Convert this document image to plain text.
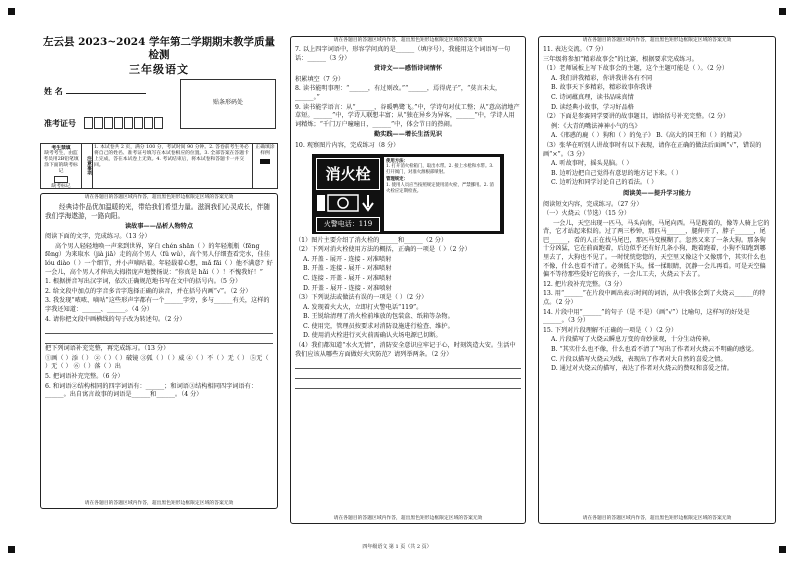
左云县 2023~2024 学年第二学期期末教学质量检测
三年级语文
姓 名
准考证号
贴条形码处
考生禁填
缺考考生，由监考员用2B铅笔填涂下面的缺考标记
缺考标记
注意事项
1. 本试卷共 2 页，满分 100 分，考试时间 90 分钟。2. 答卷前考生务必将自己的姓名、准考证号填写在本试卷相应的位置。3. 全部答案在答题卡上完成，答在本试卷上无效。4. 考试结束后，将本试卷和答题卡一并交回。
正确填涂样例
请在各题目的答题区域内作答，超出黑色矩形边框限定区域的答案无效
经典诗作品优加温暖的光，带给我们希望力量。滋润我们心灵成长，伴随我们学海遨游，一路向阳。
读故事——品析人物特点
阅读下面的文字，完成练习。（13 分）
高个男人轻轻地唤一声来到世界，穿白 chén shān（ ）的年轻瓶瓶（fēng fēng）为来取水（jià jiā）走的高个男人（fǔ wǔ），高个男人仔细查看完水，佳佳 lóu diào（ ）一个细节，并小声嘀咕着。年轻载着心想，mǎ fāi（ ）他不满意？好一会儿，高个男人才伸出大拇指庞声地赞扬说：“你真是 hǎi（ ）！不愧我好！”
1. 根据拼音写出汉字词，依次正确规范地书写在文中的括号内。（5 分）
2. 给文段中加点的字音多音字选择正确的读音，并在括号内画“√”。（2 分）
3. 我发现“哝哝、嘀咕”这些形声字都有一个______字旁，多与______有关，这样的字我还知道：______、______。（4 分）
4. 请你把文段中画横线的句子改为转述句。（2 分）
把下列词语补充完整，再完成练习。（13 分）
①画（ ）添（ ） ②（ ）（ ）破镜 ③狐（ ）（ ）威 ④（ ）不（ ）无（ ） ⑤无（ ）无（ ） ⑥（ ）落（ ）出
5. 把词语补充完整。（6 分）
6. 和词语②结构相同的四字词语有：______；和词语③结构相同四字词语有：______。出自寓言故事的词语是______和______。（4 分）
请在各题目的答题区域内作答，超出黑色矩形边框限定区域的答案无效
请在各题目的答题区域内作答，超出黑色矩形边框限定区域的答案无效
7. 以上四字词语中，形容学问真的是______（填序号），我能用这个词语写一句话：______（3 分）
赏诗文——感悟诗词情怀
积累填空（7 分）
8. 读书能明事理：“______，有过则改。”“______，焉得虎子”，“莫言未太，______。”
9. 读书能学语言：从“______，谷暖鸭鹭飞。”中，学诗句对仗工整；从“意高清地产草短。______”中，学诗人联想丰富；从“独在异乡为异客，______”中，学诗人用词精炼；“千门万户曈曈日，______”中，体会节日的热闹。
勤实践——增长生活见识
10. 观察图片内容，完成练习（8 分）
消火栓
火警电话：119
使用方法：
1. 打开消火栓箱门，取出水带。2. 接上水枪和水带。3. 打开阀门，对准火源根部喷射。
管理规定：
1. 使用人员应当按照规定使用消火栓，严禁挪用。2. 消火栓应定期检查。
（1）图片主要介绍了消火栓的______和______（2 分）
（2）下列对消火栓使用方法的概括，正确的一项是（ ）（2 分）
A. 开盖 - 展开 - 连接 - 对准喷射
B. 开盖 - 连接 - 展开 - 对准喷射
C. 连接 - 开盖 - 展开 - 对准喷射
D. 开盖 - 展开 - 连接 - 对准喷射
（3）下列说法或做法有误的一项是（ ）（2 分）
A. 发现着火大火，立即打火警电话“119”。
B. 王锐给清理了消火栓前堆放的包装盒、纸箱等杂物。
C. 使用完，管理员按要求对消防设施进行检查、维护。
D. 使用消火栓进行灭火前需确认火场电源已切断。
（4）我们都知道“水火无情”，消防安全意识应牢记于心，时刻筑造大安。生活中我们应该从哪些方面做好火灾防范？请列举两条。（2 分）
请在各题目的答题区域内作答，超出黑色矩形边框限定区域的答案无效
请在各题目的答题区域内作答，超出黑色矩形边框限定区域的答案无效
11. 表达交流。（7 分）
三年级将参加“精彩故事会”的比赛，根据要求完成练习。
（1）老师展板上写下故事会的主题，这个主题可能是（ ）。（2 分）
A. 我们讲我精彩，你讲我讲各有不同
B. 故事天下多精彩，精彩故事你我讲
C. 诗词蕴真理，读书品味真情
D. 读经典小故事，学习好品格
（2）下面是参赛同学要讲的故事题目，请给括号补充完整。（2 分）
例：《大青的嘴法神神小气的鸟》
A.《邢惑的鹿（ ）狗和（ ）的兔子》 B.《高大的国王和（ ）的精灵》
（3）张华在听别人讲故事时有以下表现，请你在正确的做法后面画“√”，错误的画“×”。（3 分）
A. 听故事时，摇头晃脑。（ ）
B. 边听边把自己觉得有意思的地方记下来。（ ）
C. 边听边和同学讨论自己的看法。（ ）
阅读美——提升学习能力
阅读短文内容，完成练习。（27 分）
（一）火烧云（节选）（15 分）
一会儿，天空出现一匹马，马头向南，马尾向西。马是跪着的，像等人骑上它的背，它才站起来似的。过了两三秒钟，那匹马______，腿伸开了，脖子______，尾巴______，看的人正在找马尾巴，那匹马变模糊了。忽然又来了一条大狗。那条狗十分凶猛，它在前面跑着，后边似乎还有好几条小狗，跑着跑着，小狗不知跑到哪里去了，大狗也不见了。一时恍恍惚惚的，天空里又像这个又像那个，其实什么也不像，什么也看不清了。必须低下头，揉一揉眼睛，沉静一会儿再看。可是天空偏偏不等待那些爱好它的孩子，一会儿工夫，火烧云下去了。
12. 把片段补充完整。（3 分）
13. 用“______”在片段中画出表示时间的词语，从中我体会到了火烧云______的特点。（2 分）
14. 片段中用“______”的句子（是 不是）（画“√”）比喻句，这样写的好处是______。（3 分）
15. 下列对片段理解不正确的一项是（ ）（2 分）
A. 片段描写了火烧云瞬息万变的奇妙景观，十分生动传神。
B. “其实什么也不像，什么也看不清了”写出了作者对火烧云不明确的感觉。
C. 片段以描写火烧云为线，表现出了作者对大自然的喜爱之情。
D. 通过对火烧云的描写，表达了作者对火烧云的赞叹和喜爱之情。
请在各题目的答题区域内作答，超出黑色矩形边框限定区域的答案无效
四年级语文 第 1 页（共 2 页）
